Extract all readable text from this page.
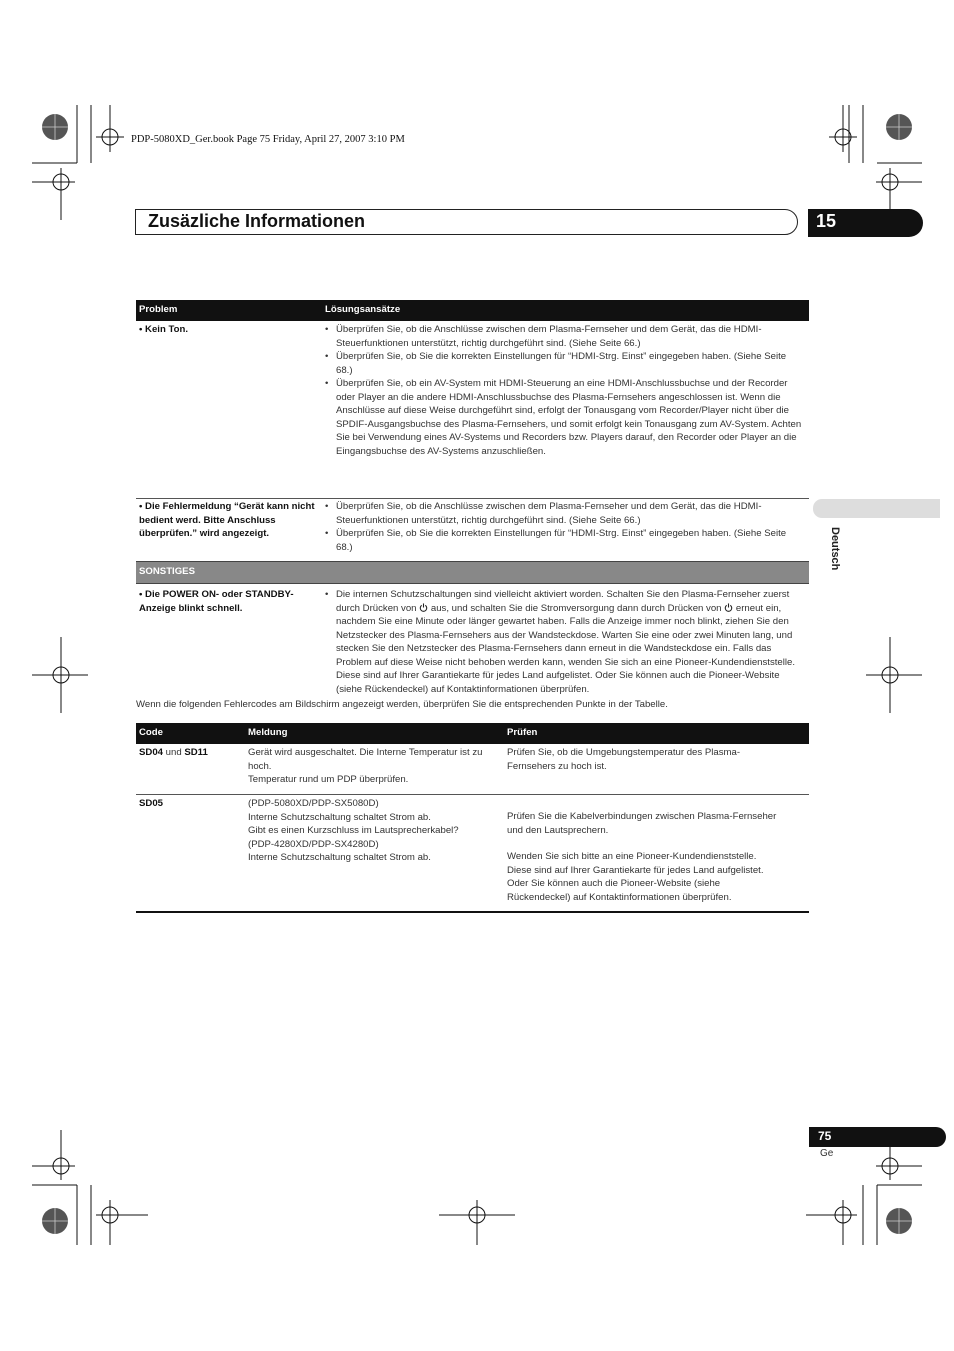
PDP-5080XD_Ger.book Page 75 Friday, April 27, 2007 3:10 PM
Zusäzliche Informationen	15
Deutsch
Problem	Lösungsansätze
• Kein Ton.
•	Überprüfen Sie, ob die Anschlüsse zwischen dem Plasma-Fernseher und dem Gerät, das die HDMI-Steuerfunktionen unterstützt, richtig durchgeführt sind. (Siehe Seite 66.)
• Überprüfen Sie, ob Sie die korrekten Einstellungen für “HDMI-Strg. Einst” eingegeben haben. (Siehe Seite 68.)
• Überprüfen Sie, ob ein AV-System mit HDMI-Steuerung an eine HDMI-Anschlussbuchse und der Recorder oder Player an die andere HDMI-Anschlussbuchse des Plasma-Fernsehers angeschlossen ist. Wenn die Anschlüsse auf diese Weise durchgeführt sind, erfolgt der Tonausgang vom Recorder/Player nicht über die SPDIF-Ausgangsbuchse des Plasma-Fernsehers, und somit erfolgt kein Tonausgang zum AV-System. Achten Sie bei Verwendung eines AV-Systems und Recorders bzw. Players darauf, den Recorder oder Player an die Eingangsbuchse des AV-Systems anzuschließen.
• Die Fehlermeldung “Gerät kann nicht bedient werd. Bitte Anschluss überprüfen.” wird angezeigt.
• Überprüfen Sie, ob die Anschlüsse zwischen dem Plasma-Fernseher und dem Gerät, das die HDMI-Steuerfunktionen unterstützt, richtig durchgeführt sind. (Siehe Seite 66.)
• Überprüfen Sie, ob Sie die korrekten Einstellungen für “HDMI-Strg. Einst” eingegeben haben. (Siehe Seite 68.)
SONSTIGES
• Die POWER ON- oder STANDBY-Anzeige blinkt schnell.
• Die internen Schutzschaltungen sind vielleicht aktiviert worden. Schalten Sie den Plasma-Fernseher zuerst durch Drücken von aus, und schalten Sie die Stromversorgung dann durch Drücken von erneut ein, nachdem Sie eine Minute oder länger gewartet haben. Falls die Anzeige immer noch blinkt, ziehen Sie den Netzstecker des Plasma-Fernsehers aus der Wandsteckdose. Warten Sie eine oder zwei Minuten lang, und stecken Sie den Netzstecker des Plasma-Fernsehers dann erneut in die Wandsteckdose ein. Falls das Problem auf diese Weise nicht behoben werden kann, wenden Sie sich an eine Pioneer-Kundendienststelle. Diese sind auf Ihrer Garantiekarte für jedes Land aufgelistet. Oder Sie können auch die Pioneer-Website (siehe Rückendeckel) auf Kontaktinformationen überprüfen.
Wenn die folgenden Fehlercodes am Bildschirm angezeigt werden, überprüfen Sie die entsprechenden Punkte in der Tabelle.
Code	Meldung	Prüfen
SD04 und SD11	Gerät wird ausgeschaltet. Die Interne Temperatur ist zu hoch.
Temperatur rund um PDP überprüfen.
Prüfen Sie, ob die Umgebungstemperatur des Plasma-Fernsehers zu hoch ist.
SD05	(PDP-5080XD/PDP-SX5080D)
Interne Schutzschaltung schaltet Strom ab.
Gibt es einen Kurzschluss im Lautsprecherkabel?
(PDP-4280XD/PDP-SX4280D)
Interne Schutzschaltung schaltet Strom ab.
Prüfen Sie die Kabelverbindungen zwischen Plasma-Fernseher und den Lautsprechern.
Wenden Sie sich bitte an eine Pioneer-Kundendienststelle. Diese sind auf Ihrer Garantiekarte für jedes Land aufgelistet. Oder Sie können auch die Pioneer-Website (siehe Rückendeckel) auf Kontaktinformationen überprüfen.
75
Ge
